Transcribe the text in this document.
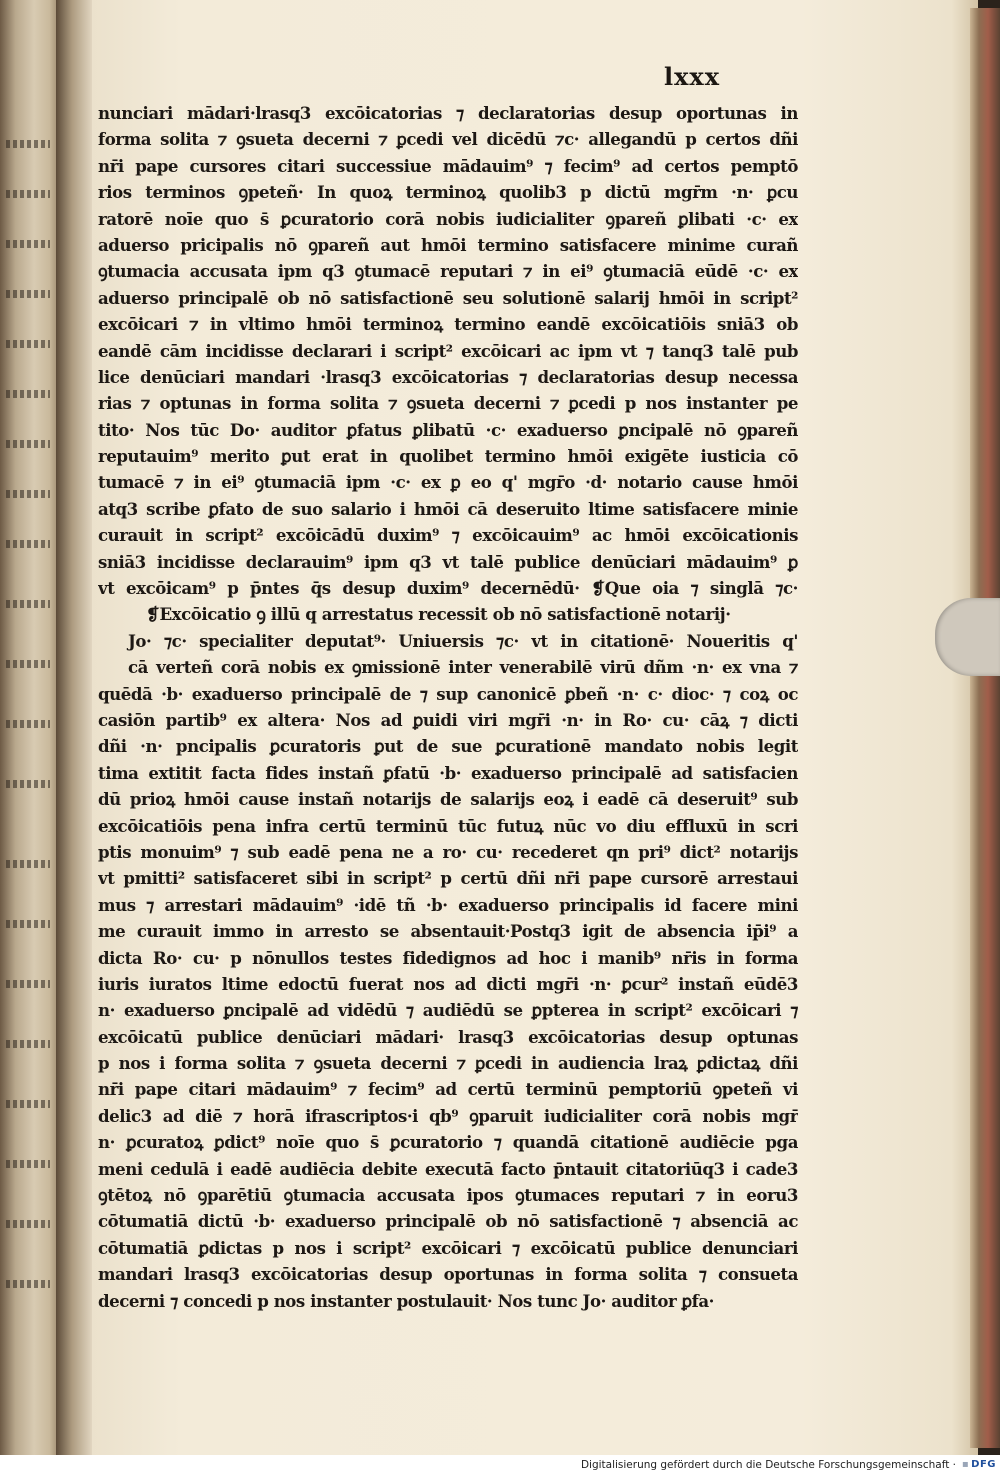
lxxx
nunciari mādari·lrasq3 excōicatorias ⁊ declaratorias desup oportunas in
forma solita ⁊ ꝯsueta decerni ⁊ ꝑcedi vel dicēdū ⁊c· allegandū p certos dñi
nr̄i pape cursores citari successiue mādauim⁹ ⁊ fecim⁹ ad certos pemptō
rios terminos ꝯpeteñ· In quoꝝ terminoꝝ quolib3 p dictū mgr̄m ·n· ꝑcu
ratorē noīe quo s̄ ꝑcuratorio corā nobis iudicialiter ꝯpareñ ꝑlibati ·c· ex
aduerso pricipalis nō ꝯpareñ aut hmōi termino satisfacere minime curañ
ꝯtumacia accusata ipm q3 ꝯtumacē reputari ⁊ in ei⁹ ꝯtumaciā eūdē ·c· ex
aduerso principalē ob nō satisfactionē seu solutionē salarij hmōi in script²
excōicari ⁊ in vltimo hmōi terminoꝝ termino eandē excōicatiōis sniā3 ob
eandē cām incidisse declarari i script² excōicari ac ipm vt ⁊ tanq3 talē pub
lice denūciari mandari ·lrasq3 excōicatorias ⁊ declaratorias desup necessa
rias ⁊ optunas in forma solita ⁊ ꝯsueta decerni ⁊ ꝑcedi p nos instanter pe
tito· Nos tūc Do· auditor ꝑfatus ꝑlibatū ·c· exaduerso ꝑncipalē nō ꝯpareñ
reputauim⁹ merito ꝑut erat in quolibet termino hmōi exigēte iusticia cō
tumacē ⁊ in ei⁹ ꝯtumaciā ipm ·c· ex ꝑ eo q' mgr̄o ·d· notario cause hmōi
atq3 scribe ꝑfato de suo salario i hmōi cā deseruito ltime satisfacere minie
curauit in script² excōicādū duxim⁹ ⁊ excōicauim⁹ ac hmōi excōicationis
sniā3 incidisse declarauim⁹ ipm q3 vt talē publice denūciari mādauim⁹ ꝑ
vt excōicam⁹ p p̄ntes q̄s desup duxim⁹ decernēdū· ❡Que oia ⁊ singlā ⁊c·
❡Excōicatio ꝯ illū q arrestatus recessit ob nō satisfactionē notarij·
Jo· ⁊c· specialiter deputat⁹· Uniuersis ⁊c· vt in citationē· Noueritis q'
cā verteñ corā nobis ex ꝯmissionē inter venerabilē virū dñm ·n· ex vna ⁊
quēdā ·b· exaduerso principalē de ⁊ sup canonicē ꝑbeñ ·n· c· dioc· ⁊ coꝝ oc
casiōn partib⁹ ex altera· Nos ad ꝑuidi viri mgr̄i ·n· in Ro· cu· cāꝝ ⁊ dicti
dñi ·n· pncipalis ꝑcuratoris ꝑut de sue ꝑcurationē mandato nobis legit
tima extitit facta fides instañ ꝑfatū ·b· exaduerso principalē ad satisfacien
dū prioꝝ hmōi cause instañ notarijs de salarijs eoꝝ i eadē cā deseruit⁹ sub
excōicatiōis pena infra certū terminū tūc futuꝝ nūc vo diu effluxū in scri
ptis monuim⁹ ⁊ sub eadē pena ne a ro· cu· recederet qn pri⁹ dict² notarijs
vt pmitti² satisfaceret sibi in script² p certū dñi nr̄i pape cursorē arrestaui
mus ⁊ arrestari mādauim⁹ ·idē tñ ·b· exaduerso principalis id facere mini
me curauit immo in arresto se absentauit·Postq3 igit de absencia ip̄i⁹ a
dicta Ro· cu· p nōnullos testes fidedignos ad hoc i manib⁹ nr̄is in forma
iuris iuratos ltime edoctū fuerat nos ad dicti mgr̄i ·n· ꝑcur² instañ eūdē3
n· exaduerso ꝑncipalē ad vidēdū ⁊ audiēdū se ꝑpterea in script² excōicari ⁊
excōicatū publice denūciari mādari· lrasq3 excōicatorias desup optunas
p nos i forma solita ⁊ ꝯsueta decerni ⁊ ꝑcedi in audiencia lraꝝ ꝑdictaꝝ dñi
nr̄i pape citari mādauim⁹ ⁊ fecim⁹ ad certū terminū pemptoriū ꝯpeteñ vi
delic3 ad diē ⁊ horā ifrascriptos·i qb⁹ ꝯparuit iudicialiter corā nobis mgr̄
n· ꝑcuratoꝝ ꝑdict⁹ noīe quo s̄ ꝑcuratorio ⁊ quandā citationē audiēcie pga
meni cedulā i eadē audiēcia debite executā facto p̄ntauit citatoriūq3 i cade3
ꝯtētoꝝ nō ꝯparētiū ꝯtumacia accusata ipos ꝯtumaces reputari ⁊ in eoru3
cōtumatiā dictū ·b· exaduerso principalē ob nō satisfactionē ⁊ absenciā ac
cōtumatiā ꝑdictas p nos i script² excōicari ⁊ excōicatū publice denunciari
mandari lrasq3 excōicatorias desup oportunas in forma solita ⁊ consueta
decerni ⁊ concedi p nos instanter postulauit· Nos tunc Jo· auditor ꝑfa·
Digitalisierung gefördert durch die Deutsche Forschungsgemeinschaft · ▪ DFG
